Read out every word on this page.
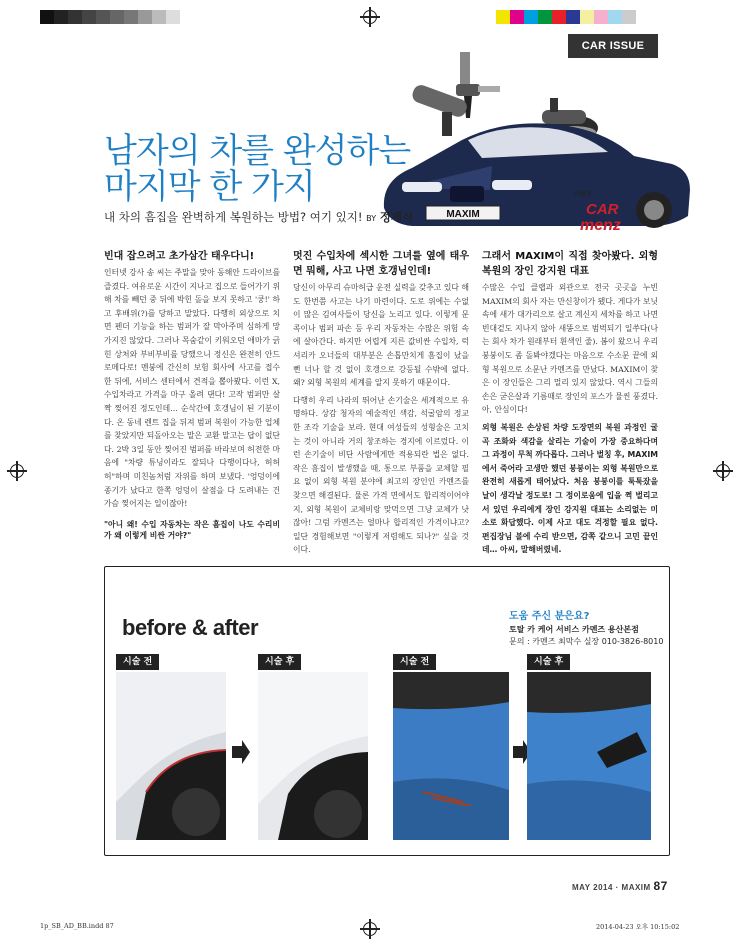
CAR ISSUE
MAXIM
카멘즈
CAR
menz
남자의 차를 완성하는
마지막 한 가지
내 차의 흠집을 완벽하게 복원하는 방법? 여기 있지! BY 정재식
빈대 잡으려고 초가삼간 태우다니!

인터넷 강사 송 씨는 주말을 맞아 동해안 드라이브를 즐겼다. 여유로운 시간이 지나고 집으로 들어가기 위해 차를 빼던 중 뒤에 박힌 돌을 보지 못하고 '쿵!' 하고 후배위(?)를 당하고 말았다. 다행히 외상으로 치면 펜더 기능을 하는 범퍼가 잘 막아주며 심하게 망가지진 않았다. 그러나 목숨같이 키워오던 애마가 긁힌 상처와 부비부비를 당했으니 정신은 완전히 안드로메다로! 멘붕에 간신히 보험 회사에 사고를 접수한 뒤에, 서비스 센터에서 견적을 뽑아봤다. 이런 X, 수입차라고 가격을 마구 올려 댄다! 고작 범퍼만 살짝 찢어진 정도인데… 순삭간에 호갱님이 된 기분이다. 온 동네 렌트 집을 뒤져 범퍼 복원이 가능한 업체를 찾았지만 되돌아오는 말은 교환 말고는 답이 없단다. 2박 3일 동안 찢어진 범퍼를 바라보며 허전한 마음에 "차량 튜닝이라도 잘되나 다행이다나, 허허허"하며 미친놈처럼 자위를 하며 보냈다. '엉덩이에 종기가 났다고 한쪽 엉덩이 살점을 다 도려내는 건 가슴 찢어지는 일이잖아!

"아니 왜! 수입 자동차는 작은 흠집이 나도 수리비가 왜 이렇게 비싼 거야?"

멋진 수입차에 섹시한 그녀를 옆에 태우면 뭐해, 사고 나면 호갱님인데!

당신이 아무리 슈마허급 운전 실력을 갖추고 있다 해도 한번쯤 사고는 나기 마련이다. 도로 위에는 수없이 많은 김여사들이 당신을 노리고 있다. 이렇게 문콕이나 범퍼 파손 등 우리 자동차는 수많은 위험 속에 살아간다. 하지만 어렵게 지른 값비싼 수입차, 럭셔리카 오너들의 대부분은 손톱만치게 흠집이 났을 뻔 너나 할 것 없이 호갱으로 강등될 수밖에 없다. 왜? 외형 복원의 세계를 알지 못하기 때문이다.

다행히 우리 나라의 뛰어난 손기술은 세계적으로 유명하다. 상감 청자의 예술적인 색감, 석굴암의 정교한 조각 기술을 보라. 현대 여성들의 성형술은 고치는 것이 아니라 거의 창조하는 경지에 이르렀다. 이런 손기술이 비단 사람에게만 적용되란 법은 없다. 작은 흠집이 발생했을 때, 통으로 부품을 교체할 필요 없이 외형 복원 분야에 최고의 장인인 카멘즈를 찾으면 해결된다. 물론 가격 면에서도 합리적이어야지, 외형 복원이 교체비랑 맞먹으면 그냥 교체가 낫잖아! 그럼 카멘즈는 얼마나 합리적인 가격이냐고? 일단 경험해보면 "이렇게 저렴해도 되나?" 싶을 것이다.

그래서 MAXIM이 직접 찾아봤다. 외형 복원의 장인 강지원 대표

수많은 수입 클랩과 외관으로 전국 곳곳을 누빈 MAXIM의 회사 자는 만신창이가 됐다. 게다가 보닛 속에 새가 대가리으로 살고 계신지 세차를 하고 나면 빈대겉도 지나지 않아 새똥으로 범벅되기 일쑤다(나는 회사 차가 원래부터 흰색인 줄). 봄이 왔으니 우리 붕붕이도 좀 돌봐야겠다는 마음으로 수소문 끝에 외형 복원으로 소문난 카멘즈를 만났다. MAXIM이 찾은 이 장인들은 그리 멀리 있지 않았다. 역시 그들의 손은 굳은살과 기름때로 장인의 포스가 물씬 풍겼다. 아, 안심이다!

외형 복원은 손상된 차량 도장면의 복원 과정인 굴곡 조화와 색감을 살리는 기술이 가장 중요하다며 그 과정이 무척 까다롭다. 그러나 벌칭 후, MAXIM에서 죽어라 고생만 했던 붕붕이는 외형 복원만으로 완전히 새롭게 태어났다. 처음 붕붕이를 툭툭잤을 날이 생각날 정도로! 그 정이로움에 입을 쩍 벌리고 서 있던 우리에게 장인 강지원 대표는 소리없는 미소로 화답했다. 이제 사고 대도 걱정할 필요 없다. 편집장님 볼에 수리 받으면, 감쪽 같으니 고민 끝인데… 아씨, 말해버렸네.

before & after	도움 주신 분은요?
토탈 카 케어 서비스 카멘즈 용산본점
문의 : 카멘즈 최막수 실장 010-3826-8010
시술 전	시술 후	시술 전	시술 후
MAY 2014 · MAXIM 87
1p_SB_AD_BB.indd 87	2014-04-23 오후 10:15:02
